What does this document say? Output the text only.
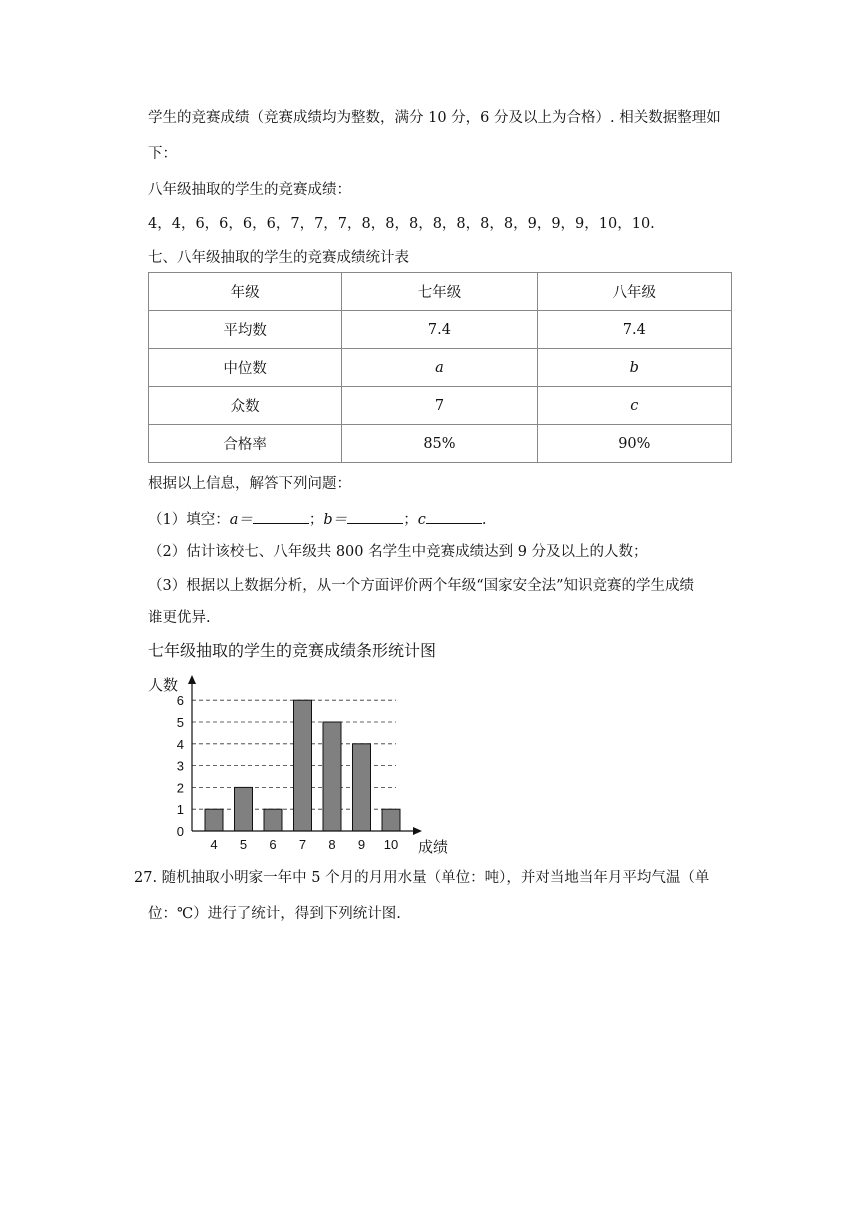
学生的竞赛成绩（竞赛成绩均为整数，满分 10 分，6 分及以上为合格）. 相关数据整理如
下：
八年级抽取的学生的竞赛成绩：
4，4，6，6，6，6，7，7，7，8，8，8，8，8，8，8，9，9，9，10，10.
七、八年级抽取的学生的竞赛成绩统计表
年级	七年级	八年级
平均数	7.4	7.4
中位数	a	b
众数	7	c
合格率	85%	90%
根据以上信息，解答下列问题：
（1）填空：a＝	；b＝	；c	.
（2）估计该校七、八年级共 800 名学生中竞赛成绩达到 9 分及以上的人数；
（3）根据以上数据分析，从一个方面评价两个年级“国家安全法”知识竞赛的学生成绩
谁更优异.
七年级抽取的学生的竞赛成绩条形统计图
人数
成绩
0
1
2
3
4
5
6
4 5 6 7 8 9 10
27. 随机抽取小明家一年中 5 个月的月用水量（单位：吨），并对当地当年月平均气温（单
位：℃）进行了统计，得到下列统计图.
